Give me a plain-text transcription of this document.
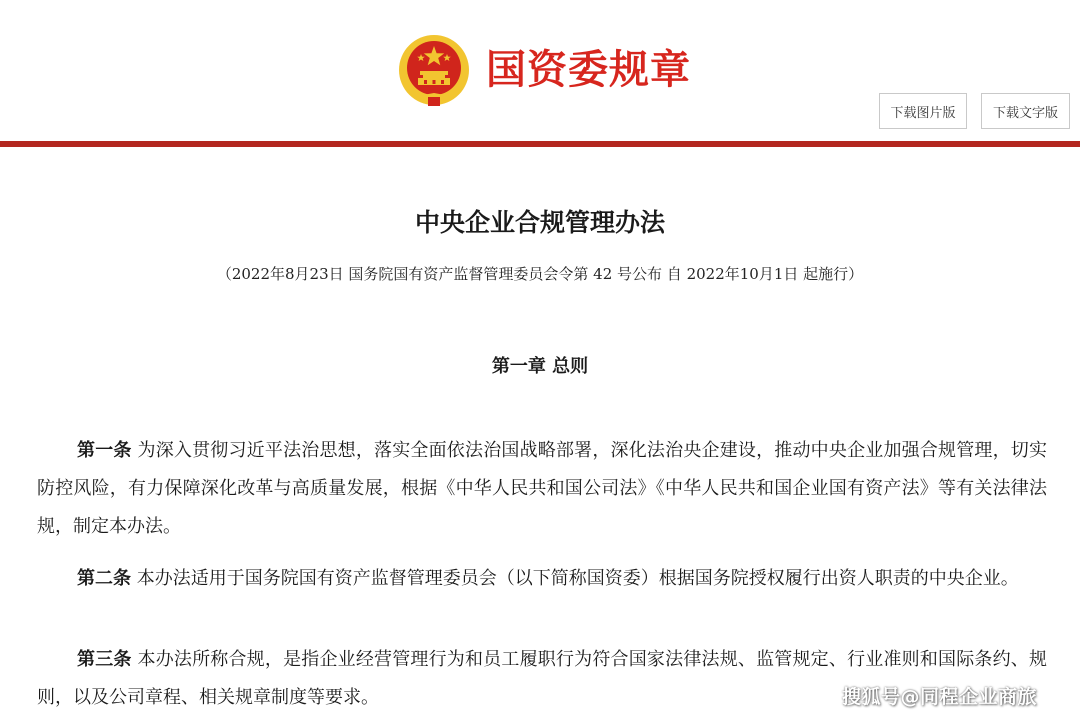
国资委规章
下载图片版	下载文字版
中央企业合规管理办法
（2022年8月23日 国务院国有资产监督管理委员会令第 42 号公布 自 2022年10月1日 起施行）
第一章 总则

第一条 为深入贯彻习近平法治思想，落实全面依法治国战略部署，深化法治央企建设，推动中央企业加强合规管理，切实防控风险，有力保障深化改革与高质量发展，根据《中华人民共和国公司法》《中华人民共和国企业国有资产法》等有关法律法规，制定本办法。

第二条 本办法适用于国务院国有资产监督管理委员会（以下简称国资委）根据国务院授权履行出资人职责的中央企业。

第三条 本办法所称合规，是指企业经营管理行为和员工履职行为符合国家法律法规、监管规定、行业准则和国际条约、规则，以及公司章程、相关规章制度等要求。	搜狐号@同程企业商旅
